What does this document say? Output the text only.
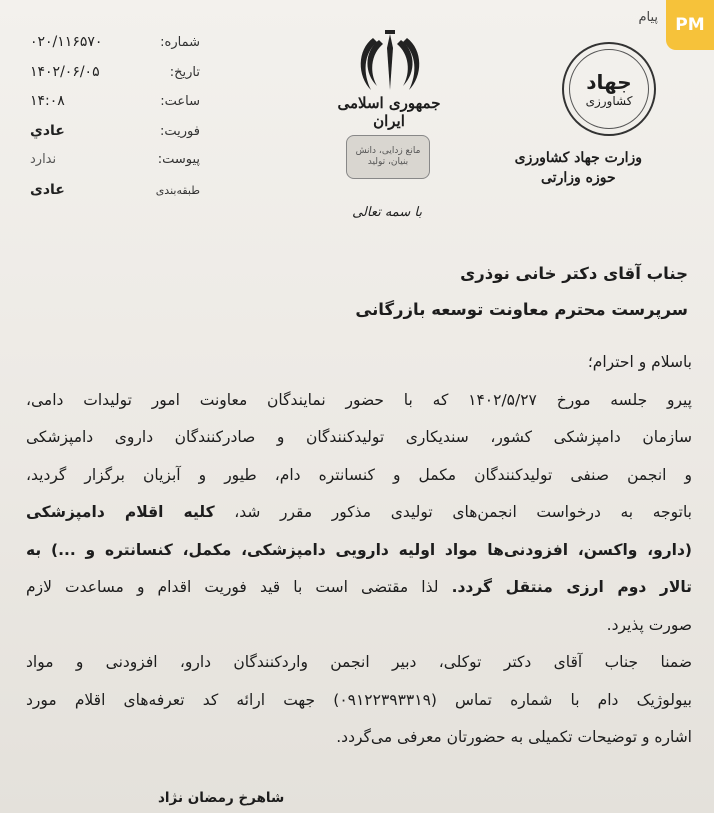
پیام PM
جهاد
کشاورزی
وزارت جهاد کشاورزی
حوزه وزارتی
جمهوری اسلامی ایران
مانع زدایی، دانش بنیان، تولید
با سمه تعالی
شماره:
۰۲۰/۱۱۶۵۷۰
تاریخ:
۱۴۰۲/۰۶/۰۵
ساعت:
۱۴:۰۸
فوریت:
عادي
پیوست:
ندارد
طبقه‌بندی
عادی
جناب آقای دکتر خانی نوذری
سرپرست محترم معاونت توسعه بازرگانی
باسلام و احترام؛
پیرو جلسه مورخ ۱۴۰۲/۵/۲۷ که با حضور نمایندگان معاونت امور تولیدات دامی،
سازمان دامپزشکی کشور، سندیکاری تولیدکنندگان و صادرکنندگان داروی دامپزشکی
و انجمن صنفی تولیدکنندگان مکمل و کنسانتره دام، طیور و آبزیان برگزار گردید،
باتوجه به درخواست انجمن‌های تولیدی مذکور مقرر شد، کلیه اقلام دامپزشکی
(دارو، واکسن، افزودنی‌ها مواد اولیه دارویی دامپزشکی، مکمل، کنسانتره و ...) به
تالار دوم ارزی منتقل گردد. لذا مقتضی است با قید فوریت اقدام و مساعدت لازم
صورت پذیرد.
ضمنا جناب آقای دکتر توکلی، دبیر انجمن واردکنندگان دارو، افزودنی و مواد
بیولوژیک دام با شماره تماس (۰۹۱۲۲۳۹۳۳۱۹) جهت ارائه کد تعرفه‌های اقلام مورد
اشاره و توضیحات تکمیلی به حضورتان معرفی می‌گردد.
شاهرخ رمضان نژاد
